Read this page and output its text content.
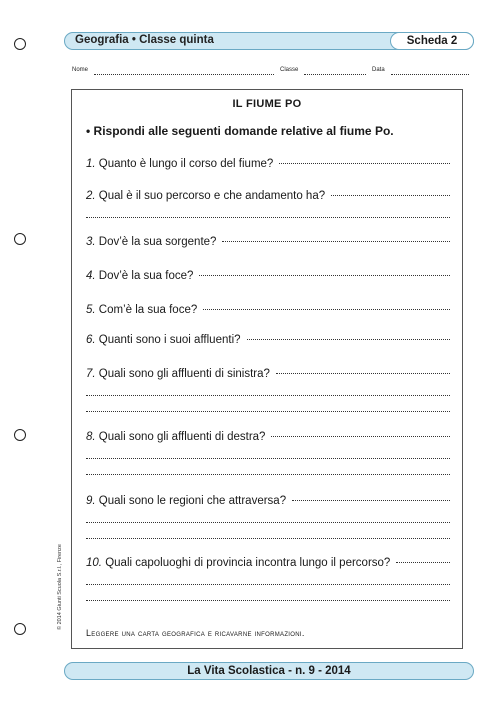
Geografia • Classe quinta	Scheda 2
Nome	Classe	Data
IL FIUME PO
• Rispondi alle seguenti domande relative al fiume Po.
1.
Quanto è lungo il corso del fiume?
2.
Qual è il suo percorso e che andamento ha?
3.
Dov’è la sua sorgente?
4.
Dov’è la sua foce?
5.
Com’è la sua foce?
6.
Quanti sono i suoi affluenti?
7.
Quali sono gli affluenti di sinistra?
8.
Quali sono gli affluenti di destra?
9.
Quali sono le regioni che attraversa?
10.
Quali capoluoghi di provincia incontra lungo il percorso?
Leggere una carta geografica e ricavarne informazioni.
© 2014 Giunti Scuola S.r.l., Firenze
La Vita Scolastica - n. 9 - 2014
